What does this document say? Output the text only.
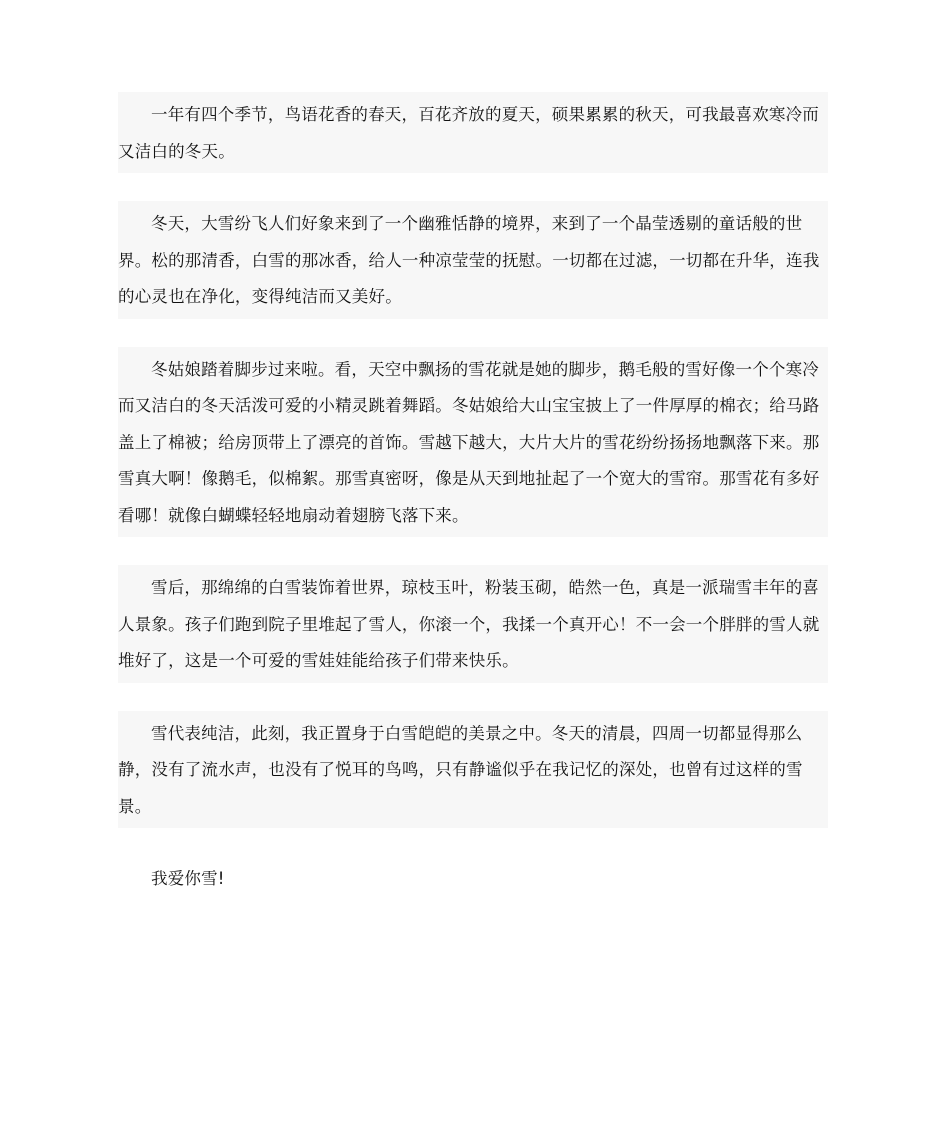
一年有四个季节，鸟语花香的春天，百花齐放的夏天，硕果累累的秋天，可我最喜欢寒冷而又洁白的冬天。

冬天，大雪纷飞人们好象来到了一个幽雅恬静的境界，来到了一个晶莹透剔的童话般的世界。松的那清香，白雪的那冰香，给人一种凉莹莹的抚慰。一切都在过滤，一切都在升华，连我的心灵也在净化，变得纯洁而又美好。

冬姑娘踏着脚步过来啦。看，天空中飘扬的雪花就是她的脚步，鹅毛般的雪好像一个个寒冷而又洁白的冬天活泼可爱的小精灵跳着舞蹈。冬姑娘给大山宝宝披上了一件厚厚的棉衣；给马路盖上了棉被；给房顶带上了漂亮的首饰。雪越下越大，大片大片的雪花纷纷扬扬地飘落下来。那雪真大啊！像鹅毛，似棉絮。那雪真密呀，像是从天到地扯起了一个宽大的雪帘。那雪花有多好看哪！就像白蝴蝶轻轻地扇动着翅膀飞落下来。

雪后，那绵绵的白雪装饰着世界，琼枝玉叶，粉装玉砌，皓然一色，真是一派瑞雪丰年的喜人景象。孩子们跑到院子里堆起了雪人，你滚一个，我揉一个真开心！不一会一个胖胖的雪人就堆好了，这是一个可爱的雪娃娃能给孩子们带来快乐。

雪代表纯洁，此刻，我正置身于白雪皑皑的美景之中。冬天的清晨，四周一切都显得那么静，没有了流水声，也没有了悦耳的鸟鸣，只有静谧似乎在我记忆的深处，也曾有过这样的雪景。

我爱你雪!
